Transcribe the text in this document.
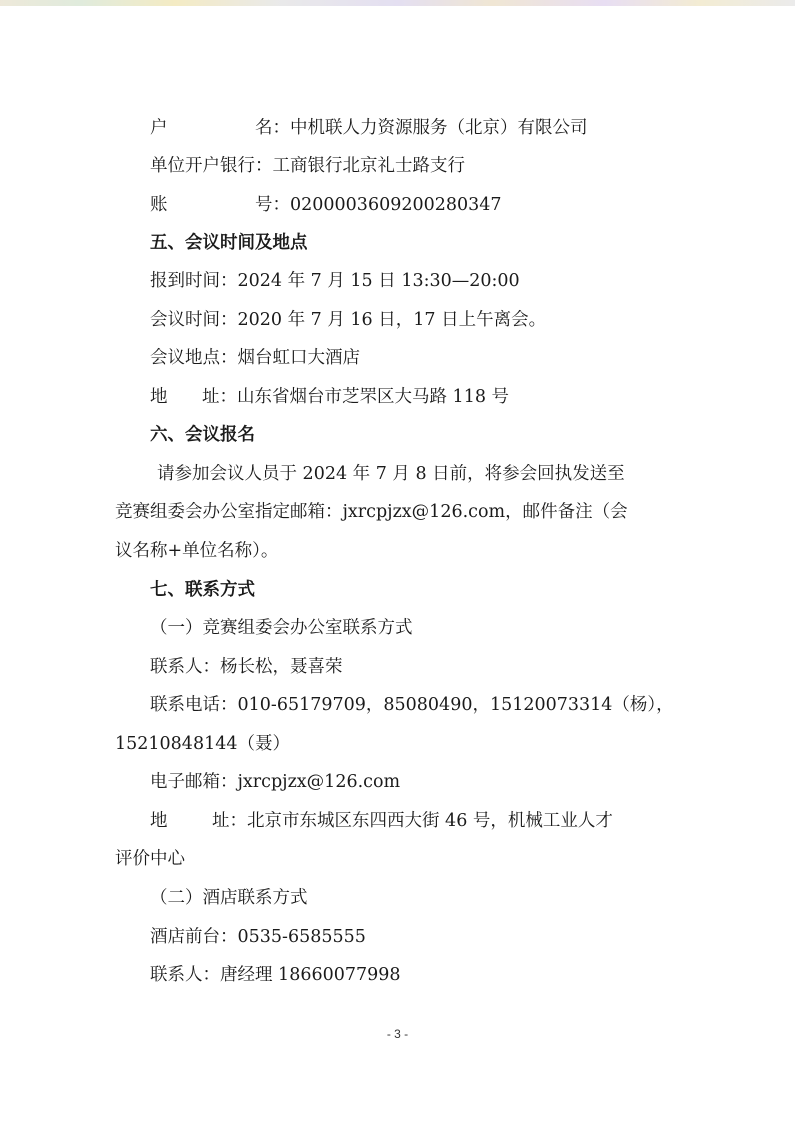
户	名：中机联人力资源服务（北京）有限公司
单位开户银行：工商银行北京礼士路支行
账	号：0200003609200280347
五、会议时间及地点
报到时间：2024 年 7 月 15 日 13:30—20:00
会议时间：2020 年 7 月 16 日，17 日上午离会。
会议地点：烟台虹口大酒店
地 址：山东省烟台市芝罘区大马路 118 号
六、会议报名
请参加会议人员于 2024 年 7 月 8 日前，将参会回执发送至
竞赛组委会办公室指定邮箱：jxrcpjzx@126.com，邮件备注（会
议名称+单位名称）。
七、联系方式
（一）竞赛组委会办公室联系方式
联系人：杨长松，聂喜荣
联系电话：010-65179709，85080490，15120073314（杨），
15210848144（聂）
电子邮箱：jxrcpjzx@126.com
地	址：北京市东城区东四西大街 46 号，机械工业人才
评价中心
（二）酒店联系方式
酒店前台：0535-6585555
联系人：唐经理 18660077998
- 3 -
